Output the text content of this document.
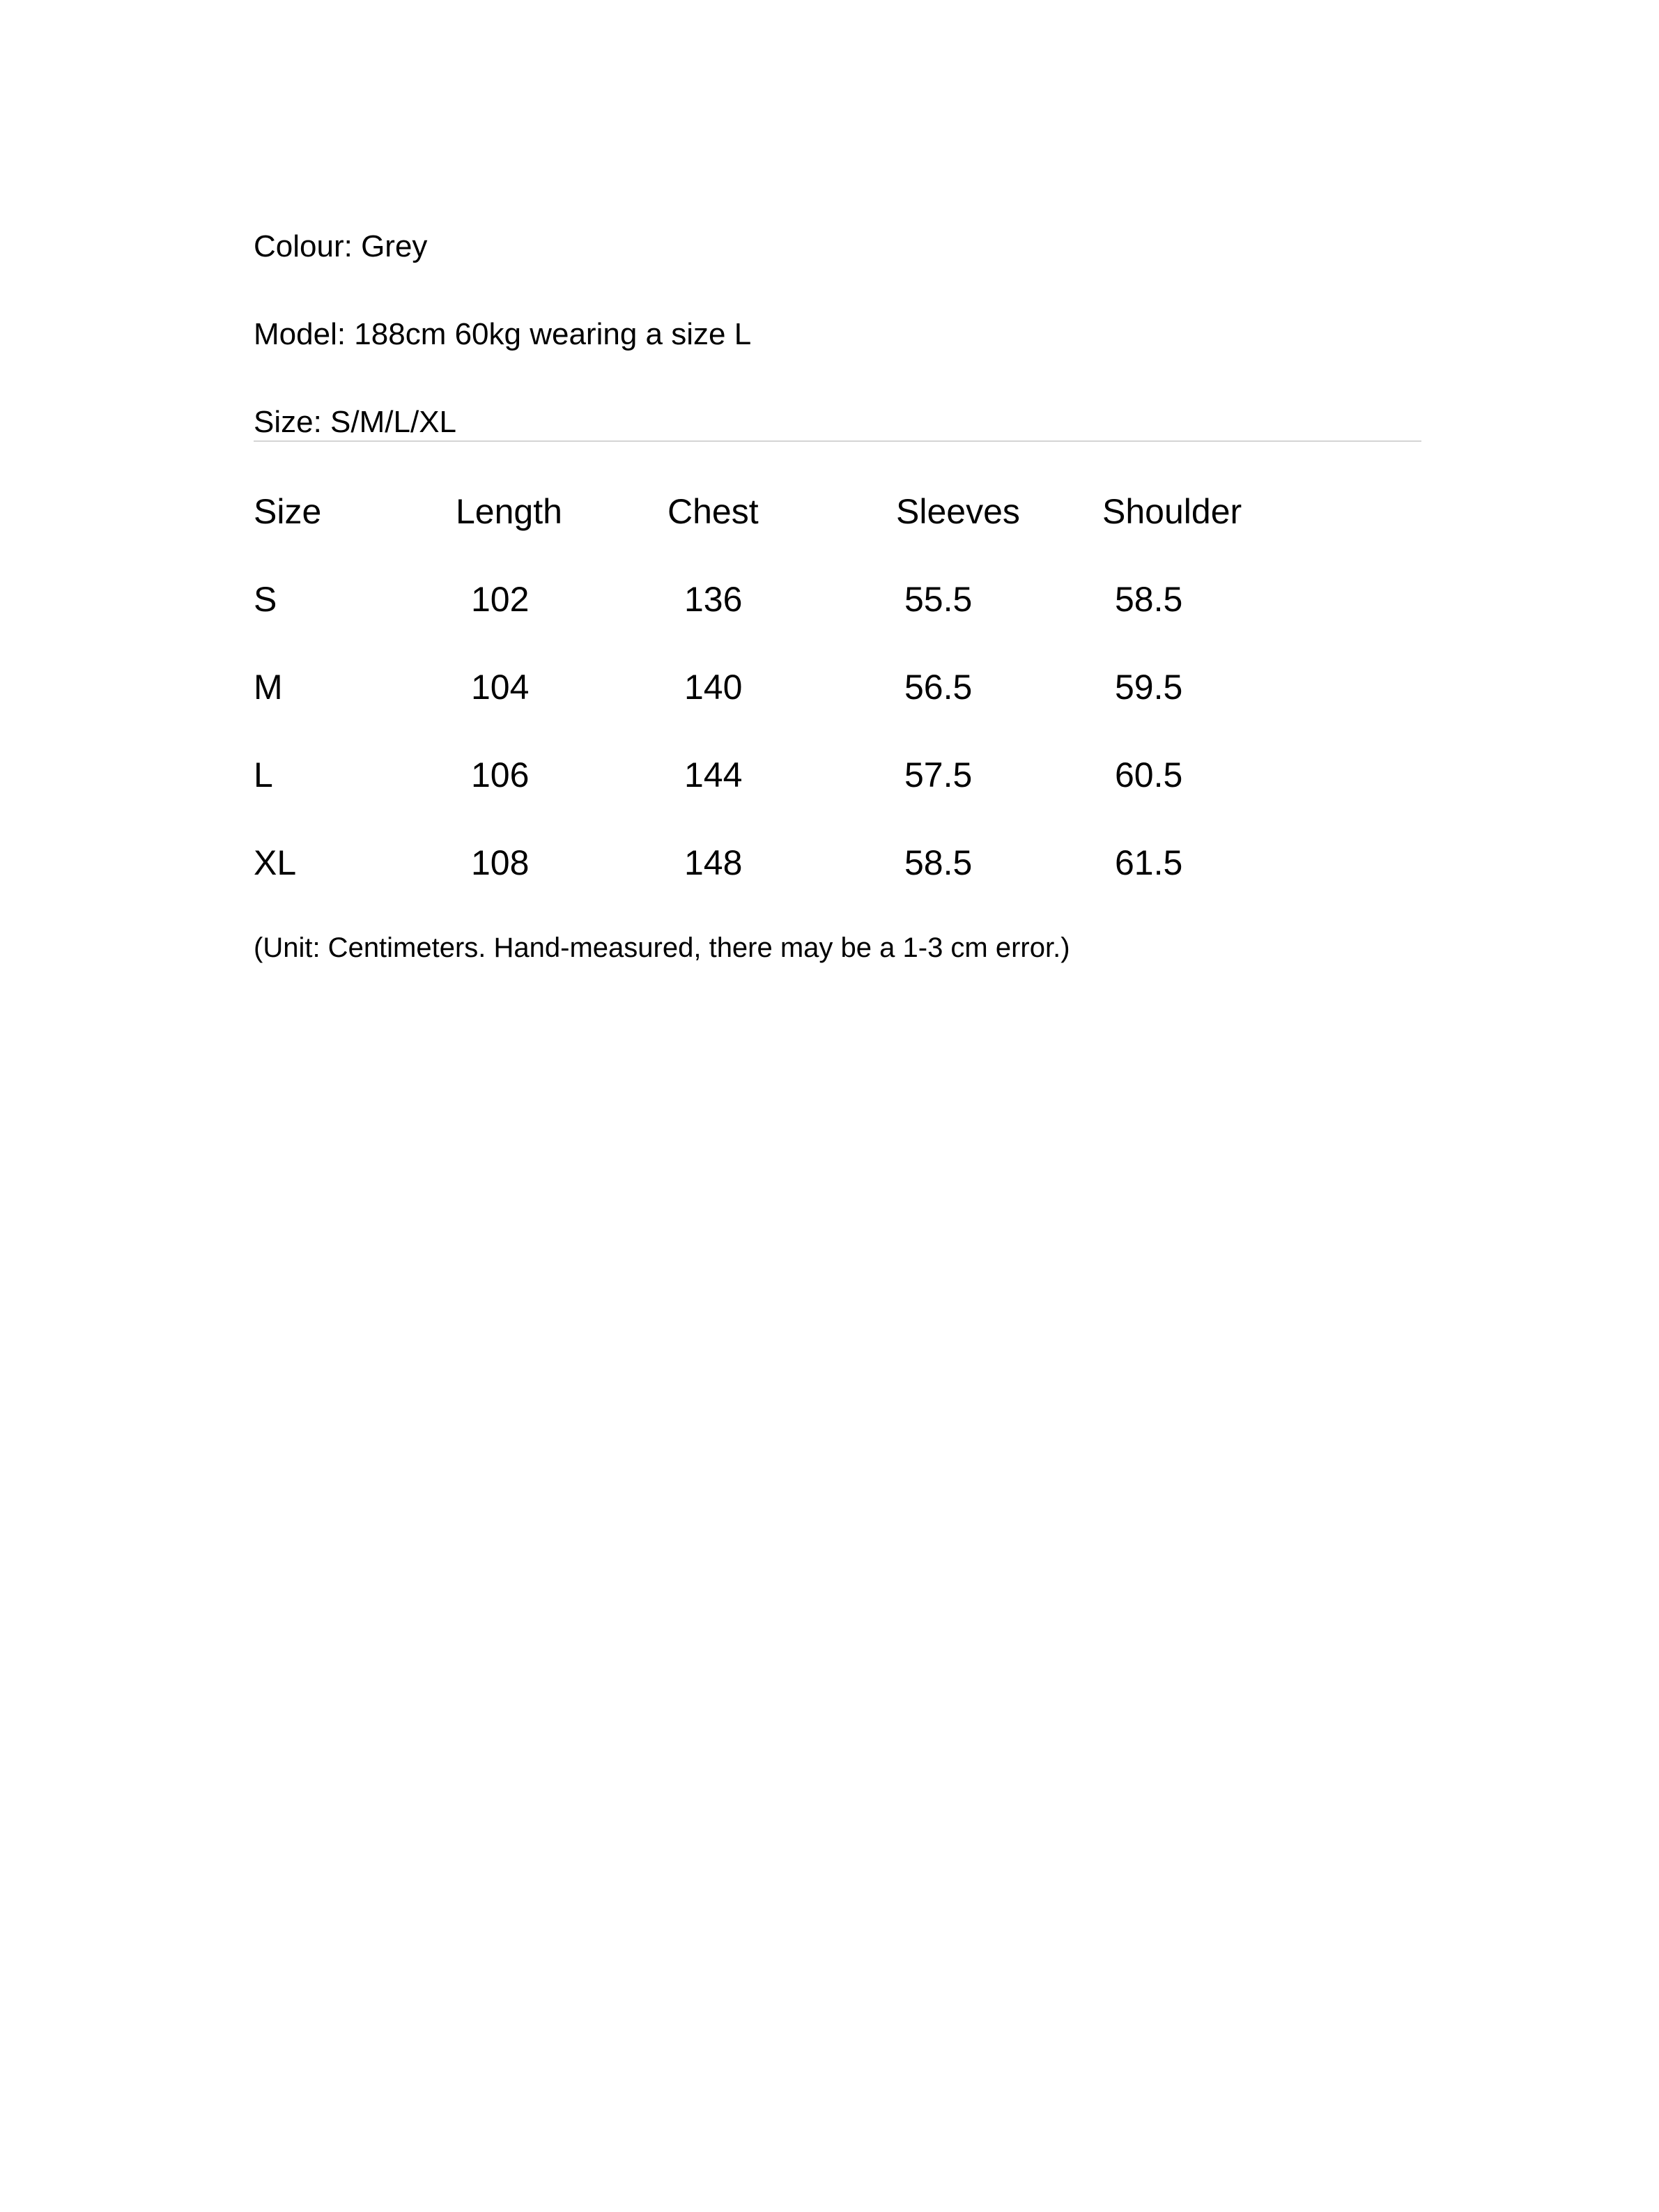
Colour: Grey
Model: 188cm 60kg wearing a size L
Size: S/M/L/XL
Size	Length	Chest	Sleeves Shoulder
S	102	136	55.5	58.5
M	104	140	56.5	59.5
L	106	144	57.5	60.5
XL	108	148	58.5	61.5
(Unit: Centimeters. Hand-measured, there may be a 1-3 cm error.)
